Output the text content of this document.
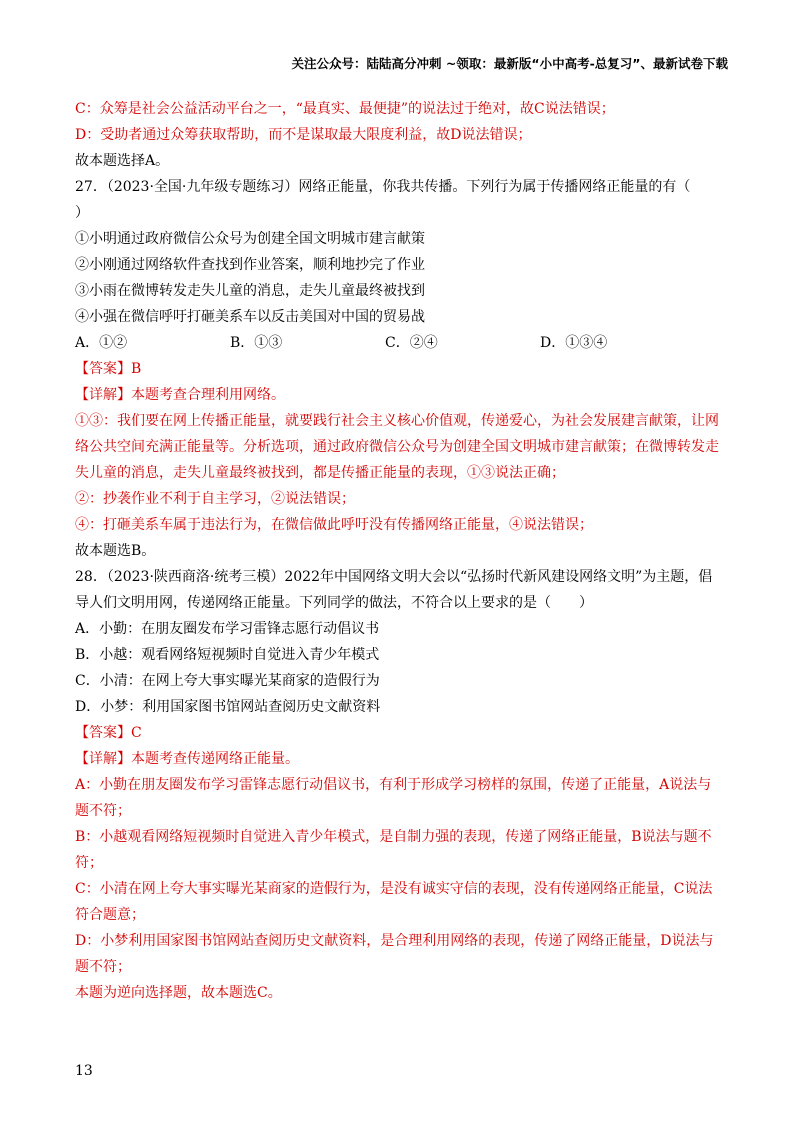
关注公众号：陆陆高分冲刺 ~领取：最新版“小中高考-总复习”、最新试卷下载

C：众筹是社会公益活动平台之一，“最真实、最便捷”的说法过于绝对，故C说法错误；

D：受助者通过众筹获取帮助，而不是谋取最大限度利益，故D说法错误；

故本题选择A。

27．（2023·全国·九年级专题练习）网络正能量，你我共传播。下列行为属于传播网络正能量的有（

）

①小明通过政府微信公众号为创建全国文明城市建言献策

②小刚通过网络软件查找到作业答案，顺利地抄完了作业

③小雨在微博转发走失儿童的消息，走失儿童最终被找到

④小强在微信呼吁打砸美系车以反击美国对中国的贸易战

A．①②	B．①③	C．②④	D．①③④

【答案】B

【详解】本题考查合理利用网络。

①③：我们要在网上传播正能量，就要践行社会主义核心价值观，传递爱心，为社会发展建言献策，让网

络公共空间充满正能量等。分析选项，通过政府微信公众号为创建全国文明城市建言献策；在微博转发走

失儿童的消息，走失儿童最终被找到，都是传播正能量的表现，①③说法正确；

②：抄袭作业不利于自主学习，②说法错误；

④：打砸美系车属于违法行为，在微信做此呼吁没有传播网络正能量，④说法错误；

故本题选B。

28．（2023·陕西商洛·统考三模）2022年中国网络文明大会以“弘扬时代新风建设网络文明”为主题，倡

导人们文明用网，传递网络正能量。下列同学的做法，不符合以上要求的是（　　）

A．小勤：在朋友圈发布学习雷锋志愿行动倡议书

B．小越：观看网络短视频时自觉进入青少年模式

C．小清：在网上夸大事实曝光某商家的造假行为

D．小梦：利用国家图书馆网站查阅历史文献资料

【答案】C

【详解】本题考查传递网络正能量。

A：小勤在朋友圈发布学习雷锋志愿行动倡议书，有利于形成学习榜样的氛围，传递了正能量，A说法与

题不符；

B：小越观看网络短视频时自觉进入青少年模式，是自制力强的表现，传递了网络正能量，B说法与题不

符；

C：小清在网上夸大事实曝光某商家的造假行为，是没有诚实守信的表现，没有传递网络正能量，C说法

符合题意；

D：小梦利用国家图书馆网站查阅历史文献资料，是合理利用网络的表现，传递了网络正能量，D说法与

题不符；

本题为逆向选择题，故本题选C。

13
